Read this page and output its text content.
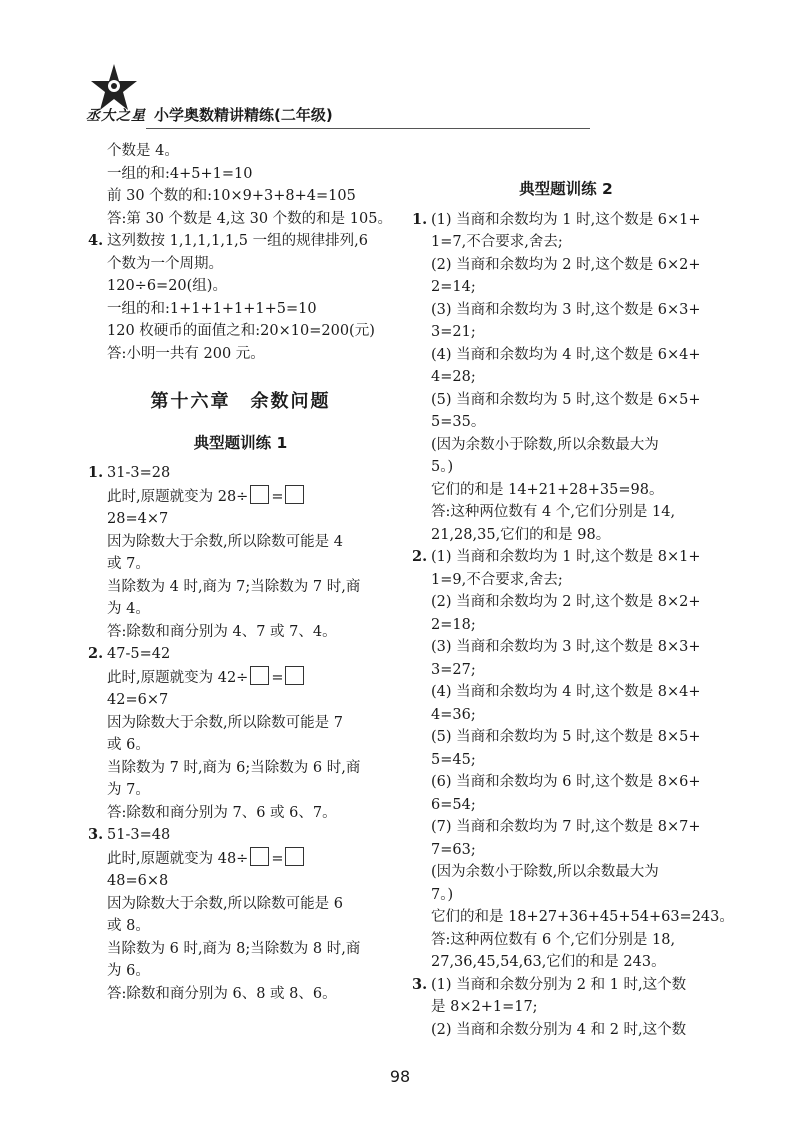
丞大之星 小学奥数精讲精练(二年级)
个数是 4。
一组的和:4+5+1=10
前 30 个数的和:10×9+3+8+4=105
答:第 30 个数是 4,这 30 个数的和是 105。
4. 这列数按 1,1,1,1,1,5 一组的规律排列,6
个数为一个周期。
120÷6=20(组)。
一组的和:1+1+1+1+1+5=10
120 枚硬币的面值之和:20×10=200(元)
答:小明一共有 200 元。
第十六章　余数问题
典型题训练 1
1. 31-3=28
此时,原题就变为 28÷ =
28=4×7
因为除数大于余数,所以除数可能是 4
或 7。
当除数为 4 时,商为 7;当除数为 7 时,商
为 4。
答:除数和商分别为 4、7 或 7、4。
2. 47-5=42
此时,原题就变为 42÷ =
42=6×7
因为除数大于余数,所以除数可能是 7
或 6。
当除数为 7 时,商为 6;当除数为 6 时,商
为 7。
答:除数和商分别为 7、6 或 6、7。
3. 51-3=48
此时,原题就变为 48÷ =
48=6×8
因为除数大于余数,所以除数可能是 6
或 8。
当除数为 6 时,商为 8;当除数为 8 时,商
为 6。
答:除数和商分别为 6、8 或 8、6。
典型题训练 2
1. (1) 当商和余数均为 1 时,这个数是 6×1+
1=7,不合要求,舍去;
(2) 当商和余数均为 2 时,这个数是 6×2+
2=14;
(3) 当商和余数均为 3 时,这个数是 6×3+
3=21;
(4) 当商和余数均为 4 时,这个数是 6×4+
4=28;
(5) 当商和余数均为 5 时,这个数是 6×5+
5=35。
(因为余数小于除数,所以余数最大为
5。)
它们的和是 14+21+28+35=98。
答:这种两位数有 4 个,它们分别是 14,
21,28,35,它们的和是 98。
2. (1) 当商和余数均为 1 时,这个数是 8×1+
1=9,不合要求,舍去;
(2) 当商和余数均为 2 时,这个数是 8×2+
2=18;
(3) 当商和余数均为 3 时,这个数是 8×3+
3=27;
(4) 当商和余数均为 4 时,这个数是 8×4+
4=36;
(5) 当商和余数均为 5 时,这个数是 8×5+
5=45;
(6) 当商和余数均为 6 时,这个数是 8×6+
6=54;
(7) 当商和余数均为 7 时,这个数是 8×7+
7=63;
(因为余数小于除数,所以余数最大为
7。)
它们的和是 18+27+36+45+54+63=243。
答:这种两位数有 6 个,它们分别是 18,
27,36,45,54,63,它们的和是 243。
3. (1) 当商和余数分别为 2 和 1 时,这个数
是 8×2+1=17;
(2) 当商和余数分别为 4 和 2 时,这个数
98
